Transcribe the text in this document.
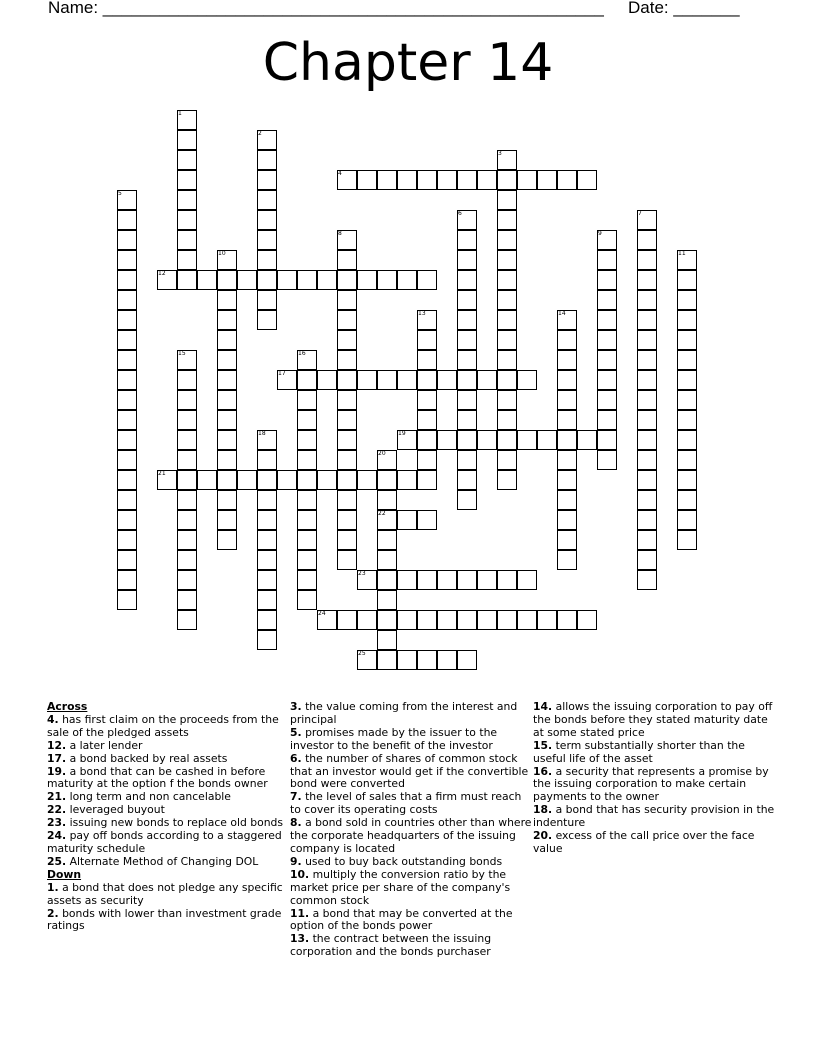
Name: _____________________________________________________ Date: _______
Chapter 14
1
2
3
4
5
6	7
8	9
10	11
12
13	14
15	16
17
18	19
20
21
22
23
24
25
Across
4. has first claim on the proceeds from the sale of the pledged assets
12. a later lender
17. a bond backed by real assets
19. a bond that can be cashed in before maturity at the option f the bonds owner
21. long term and non cancelable
22. leveraged buyout
23. issuing new bonds to replace old bonds
24. pay off bonds according to a staggered maturity schedule
25. Alternate Method of Changing DOL
Down
1. a bond that does not pledge any specific assets as security
2. bonds with lower than investment grade ratings
3. the value coming from the interest and principal
5. promises made by the issuer to the investor to the benefit of the investor
6. the number of shares of common stock that an investor would get if the convertible bond were converted
7. the level of sales that a firm must reach to cover its operating costs
8. a bond sold in countries other than where the corporate headquarters of the issuing company is located
9. used to buy back outstanding bonds
10. multiply the conversion ratio by the market price per share of the company's common stock
11. a bond that may be converted at the option of the bonds power
13. the contract between the issuing corporation and the bonds purchaser
14. allows the issuing corporation to pay off the bonds before they stated maturity date at some stated price
15. term substantially shorter than the useful life of the asset
16. a security that represents a promise by the issuing corporation to make certain payments to the owner
18. a bond that has security provision in the indenture
20. excess of the call price over the face value
